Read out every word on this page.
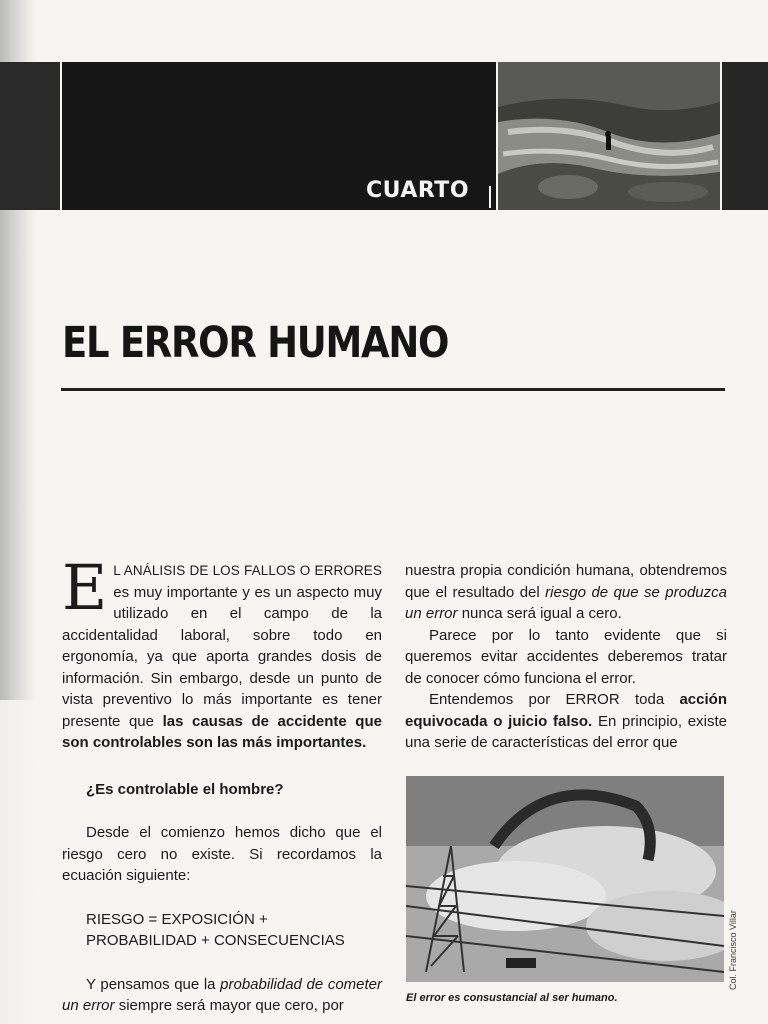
CUARTO
EL ERROR HUMANO

E L ANÁLISIS DE LOS FALLOS O ERRORES es muy importante y es un aspecto muy utilizado en el campo de la accidentalidad laboral, sobre todo en ergonomía, ya que aporta grandes dosis de información. Sin embargo, desde un punto de vista preventivo lo más importante es tener presente que las causas de accidente que son controlables son las más importantes.

¿Es controlable el hombre?

Desde el comienzo hemos dicho que el riesgo cero no existe. Si recordamos la ecuación siguiente:

RIESGO = EXPOSICIÓN +
PROBABILIDAD + CONSECUENCIAS

Y pensamos que la probabilidad de cometer un error siempre será mayor que cero, por

nuestra propia condición humana, obtendremos que el resultado del riesgo de que se produzca un error nunca será igual a cero.

Parece por lo tanto evidente que si queremos evitar accidentes deberemos tratar de conocer cómo funciona el error.

Entendemos por ERROR toda acción equivocada o juicio falso. En principio, existe una serie de características del error que

Col. Francisco Villar
El error es consustancial al ser humano.
